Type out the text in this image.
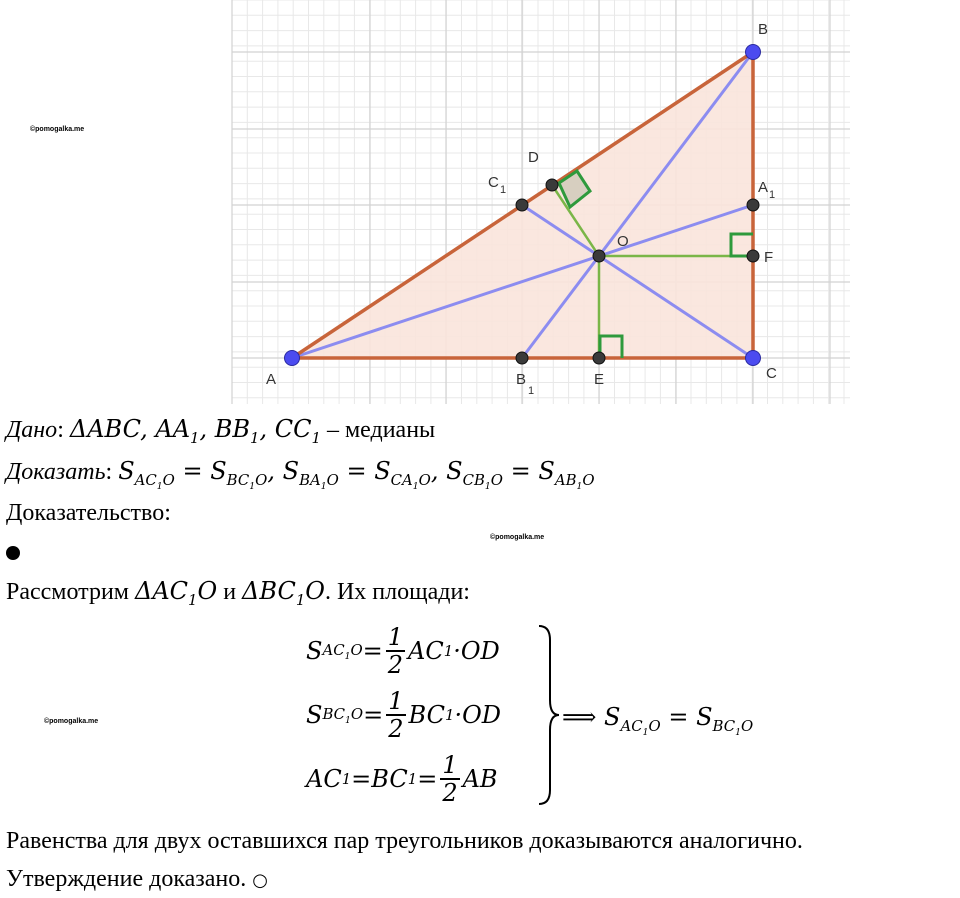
©pomogalka.me
©pomogalka.me
©pomogalka.me
A
B
C
D
E
F
O
A 1
B
1
C 1
Дано: ΔABC, $AA_1$, $BB_1$, $CC_1$ – медианы
Доказать: $S_{AC_1O} = S_{BC_1O}$, $S_{BA_1O} = S_{CA_1O}$, $S_{CB_1O} = S_{AB_1O}$
Доказательство:
Рассмотрим $\Delta AC_1O$ и $\Delta BC_1O$. Их площади:
S $AC_1O = \frac{1}{2}$ AC 1 · OD
S $BC_1O = \frac{1}{2}$ BC 1 · OD
AC 1 = BC $1 = \frac{1}{2}$ AB
⟹ $S_{AC_1O} = S_{BC_1O}$
Равенства для двух оставшихся пар треугольников доказываются аналогично.
Утверждение доказано. ○
